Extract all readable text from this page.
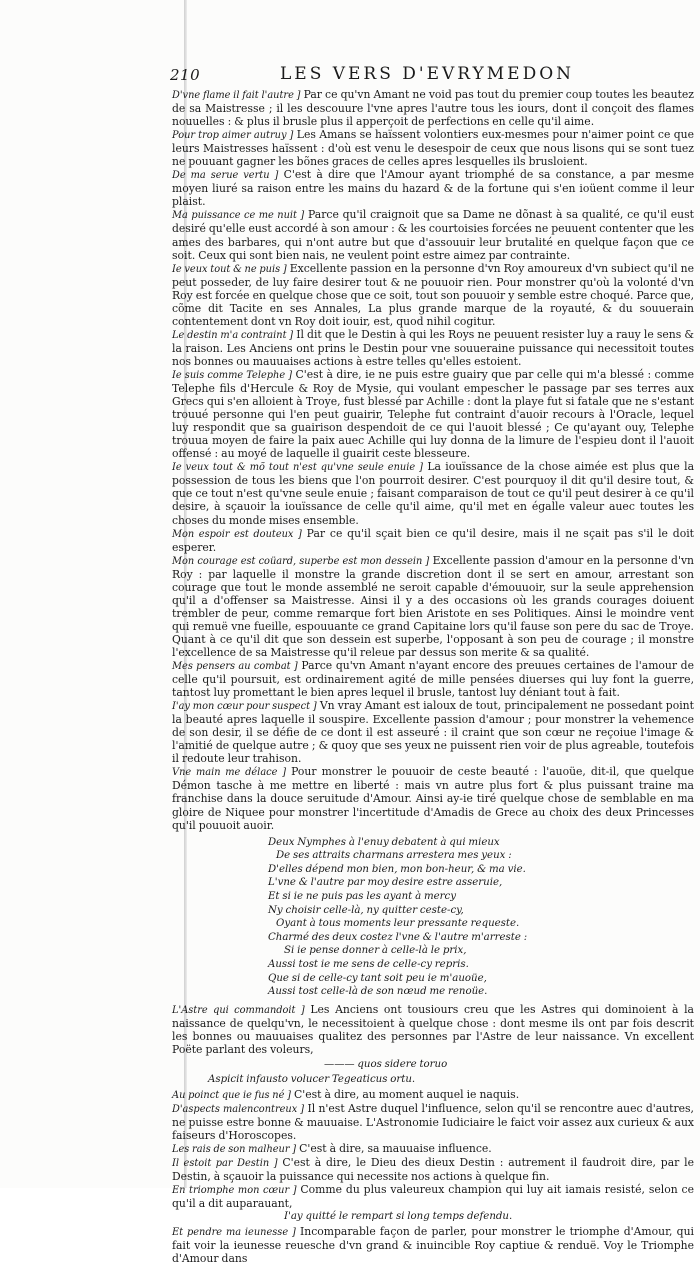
210	LES VERS D'EVRYMEDON

D'vne flame il fait l'autre ] Par ce qu'vn Amant ne void pas tout du premier coup toutes les beautez de sa Maistresse ; il les descouure l'vne apres l'autre tous les iours, dont il conçoit des flames nouuelles : & plus il brusle plus il apperçoit de perfections en celle qu'il aime.

Pour trop aimer autruy ] Les Amans se haïssent volontiers eux-mesmes pour n'aimer point ce que leurs Maistresses haïssent : d'où est venu le desespoir de ceux que nous lisons qui se sont tuez ne pouuant gagner les bõnes graces de celles apres lesquelles ils brusloient.

De ma serue vertu ] C'est à dire que l'Amour ayant triomphé de sa constance, a par mesme moyen liuré sa raison entre les mains du hazard & de la fortune qui s'en ioüent comme il leur plaist.

Ma puissance ce me nuit ] Parce qu'il craignoit que sa Dame ne dõnast à sa qualité, ce qu'il eust desiré qu'elle eust accordé à son amour : & les courtoisies forcées ne peuuent contenter que les ames des barbares, qui n'ont autre but que d'assouuir leur brutalité en quelque façon que ce soit. Ceux qui sont bien nais, ne veulent point estre aimez par contrainte.

Ie veux tout & ne puis ] Excellente passion en la personne d'vn Roy amoureux d'vn subiect qu'il ne peut posseder, de luy faire desirer tout & ne pouuoir rien. Pour monstrer qu'où la volonté d'vn Roy est forcée en quelque chose que ce soit, tout son pouuoir y semble estre choqué. Parce que, cõme dit Tacite en ses Annales, La plus grande marque de la royauté, & du souuerain contentement dont vn Roy doit iouir, est, quod nihil cogitur.

Le destin m'a contraint ] Il dit que le Destin à qui les Roys ne peuuent resister luy a rauy le sens & la raison. Les Anciens ont prins le Destin pour vne souueraine puissance qui necessitoit toutes nos bonnes ou mauuaises actions à estre telles qu'elles estoient.

Ie suis comme Telephe ] C'est à dire, ie ne puis estre guairy que par celle qui m'a blessé : comme Telephe fils d'Hercule & Roy de Mysie, qui voulant empescher le passage par ses terres aux Grecs qui s'en alloient à Troye, fust blessé par Achille : dont la playe fut si fatale que ne s'estant trouué personne qui l'en peut guairir, Telephe fut contraint d'auoir recours à l'Oracle, lequel luy respondit que sa guairison despendoit de ce qui l'auoit blessé ; Ce qu'ayant ouy, Telephe trouua moyen de faire la paix auec Achille qui luy donna de la limure de l'espieu dont il l'auoit offensé : au moyé de laquelle il guairit ceste blesseure.

Ie veux tout & mõ tout n'est qu'vne seule enuie ] La iouïssance de la chose aimée est plus que la possession de tous les biens que l'on pourroit desirer. C'est pourquoy il dit qu'il desire tout, & que ce tout n'est qu'vne seule enuie ; faisant comparaison de tout ce qu'il peut desirer à ce qu'il desire, à sçauoir la iouïssance de celle qu'il aime, qu'il met en égalle valeur auec toutes les choses du monde mises ensemble.

Mon espoir est douteux ] Par ce qu'il sçait bien ce qu'il desire, mais il ne sçait pas s'il le doit esperer.

Mon courage est coüard, superbe est mon dessein ] Excellente passion d'amour en la personne d'vn Roy : par laquelle il monstre la grande discretion dont il se sert en amour, arrestant son courage que tout le monde assemblé ne seroit capable d'émouuoir, sur la seule apprehension qu'il a d'offenser sa Maistresse. Ainsi il y a des occasions où les grands courages doiuent trembler de peur, comme remarque fort bien Aristote en ses Politiques. Ainsi le moindre vent qui remuë vne fueille, espouuante ce grand Capitaine lors qu'il fause son pere du sac de Troye. Quant à ce qu'il dit que son dessein est superbe, l'opposant à son peu de courage ; il monstre l'excellence de sa Maistresse qu'il releue par dessus son merite & sa qualité.

Mes pensers au combat ] Parce qu'vn Amant n'ayant encore des preuues certaines de l'amour de celle qu'il poursuit, est ordinairement agité de mille pensées diuerses qui luy font la guerre, tantost luy promettant le bien apres lequel il brusle, tantost luy déniant tout à fait.

I'ay mon cœur pour suspect ] Vn vray Amant est ialoux de tout, principalement ne possedant point la beauté apres laquelle il souspire. Excellente passion d'amour ; pour monstrer la vehemence de son desir, il se défie de ce dont il est asseuré : il craint que son cœur ne reçoiue l'image & l'amitié de quelque autre ; & quoy que ses yeux ne puissent rien voir de plus agreable, toutefois il redoute leur trahison.

Vne main me délace ] Pour monstrer le pouuoir de ceste beauté : l'auoüe, dit-il, que quelque Démon tasche à me mettre en liberté : mais vn autre plus fort & plus puissant traine ma franchise dans la douce seruitude d'Amour. Ainsi ay-ie tiré quelque chose de semblable en ma gloire de Niquee pour monstrer l'incertitude d'Amadis de Grece au choix des deux Princesses qu'il pouuoit auoir.

Deux Nymphes à l'enuy debatent à qui mieux
De ses attraits charmans arrestera mes yeux :
D'elles dépend mon bien, mon bon-heur, & ma vie.
L'vne & l'autre par moy desire estre asseruie,
Et si ie ne puis pas les ayant à mercy
Ny choisir celle-là, ny quitter ceste-cy,
Oyant à tous moments leur pressante requeste.
Charmé des deux costez l'vne & l'autre m'arreste :
Si ie pense donner à celle-là le prix,
Aussi tost ie me sens de celle-cy repris.
Que si de celle-cy tant soit peu ie m'auoüe,
Aussi tost celle-là de son nœud me renoüe.

L'Astre qui commandoit ] Les Anciens ont tousiours creu que les Astres qui dominoient à la naissance de quelqu'vn, le necessitoient à quelque chose : dont mesme ils ont par fois descrit les bonnes ou mauuaises qualitez des personnes par l'Astre de leur naissance. Vn excellent Poëte parlant des voleurs,

——— quos sidere toruo
Aspicit infausto volucer Tegeaticus ortu.

Au poinct que ie fus né ] C'est à dire, au moment auquel ie naquis.

D'aspects malencontreux ] Il n'est Astre duquel l'influence, selon qu'il se rencontre auec d'autres, ne puisse estre bonne & mauuaise. L'Astronomie Iudiciaire le faict voir assez aux curieux & aux faiseurs d'Horoscopes.

Les rais de son malheur ] C'est à dire, sa mauuaise influence.

Il estoit par Destin ] C'est à dire, le Dieu des dieux Destin : autrement il faudroit dire, par le Destin, à sçauoir la puissance qui necessite nos actions à quelque fin.

En triomphe mon cœur ] Comme du plus valeureux champion qui luy ait iamais resisté, selon ce qu'il a dit auparauant,

I'ay quitté le rempart si long temps defendu.

Et pendre ma ieunesse ] Incomparable façon de parler, pour monstrer le triomphe d'Amour, qui fait voir la ieunesse reuesche d'vn grand & inuincible Roy captiue & renduë. Voy le Triomphe d'Amour dans
